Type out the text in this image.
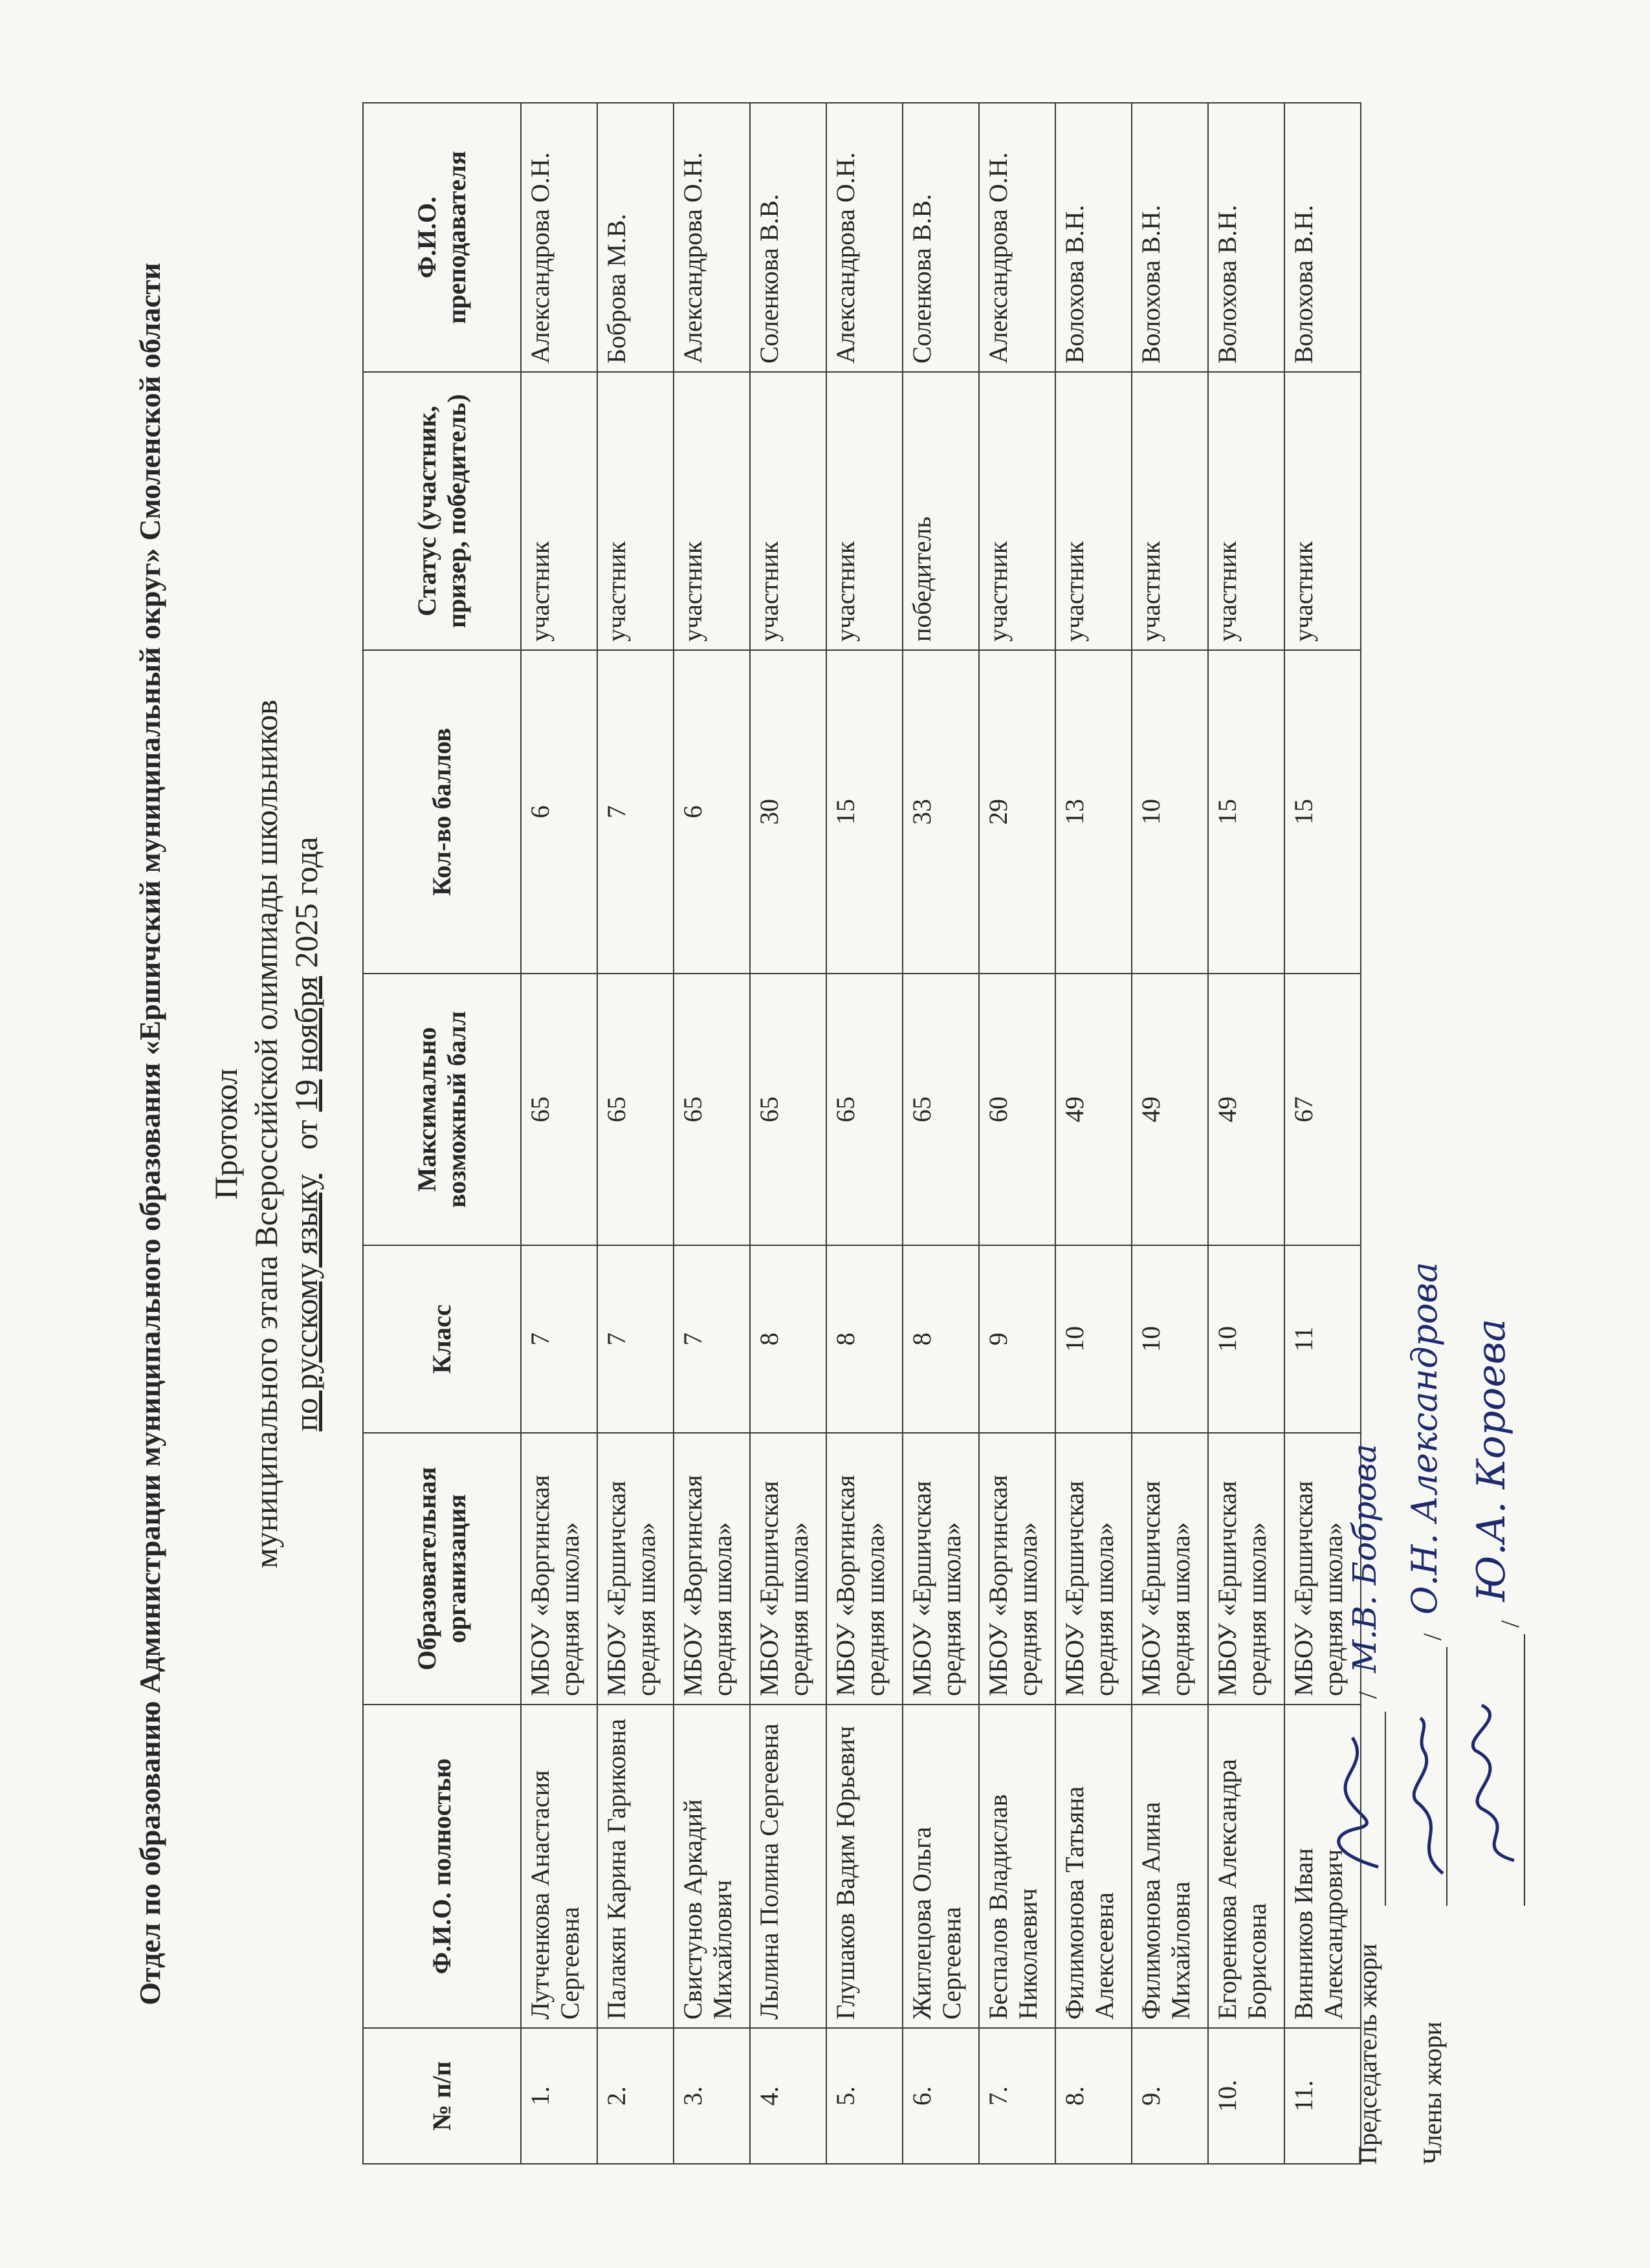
Отдел по образованию Администрации муниципального образования «Ершичский муниципальный округ» Смоленской области Протокол муниципального этапа Всероссийской олимпиады школьников по русскому языку   от 19 ноября 2025 года
№ п/п	Ф.И.О. полностью	Образовательная организация	Класс	Максимально возможный балл	Кол-во баллов	Статус (участник, призер, победитель)	Ф.И.О. преподавателя
1.	Лутченкова Анастасия Сергеевна	МБОУ «Воргинская средняя школа»	7	65	6	участник	Александрова О.Н.
2.	Палакян Карина Гариковна	МБОУ «Ершичская средняя школа»	7	65	7	участник	Боброва М.В.
3.	Свистунов Аркадий Михайлович	МБОУ «Воргинская средняя школа»	7	65	6	участник	Александрова О.Н.
4.	Лылина Полина Сергеевна	МБОУ «Ершичская средняя школа»	8	65	30	участник	Соленкова В.В.
5.	Глушаков Вадим Юрьевич	МБОУ «Воргинская средняя школа»	8	65	15	участник	Александрова О.Н.
6.	Жиглецова Ольга Сергеевна	МБОУ «Ершичская средняя школа»	8	65	33	победитель	Соленкова В.В.
7.	Беспалов Владислав Николаевич	МБОУ «Воргинская средняя школа»	9	60	29	участник	Александрова О.Н.
8.	Филимонова Татьяна Алексеевна	МБОУ «Ершичская средняя школа»	10	49	13	участник	Волохова В.Н.
9.	Филимонова Алина Михайловна	МБОУ «Ершичская средняя школа»	10	49	10	участник	Волохова В.Н.
10.	Егоренкова Александра Борисовна	МБОУ «Ершичская средняя школа»	10	49	15	участник	Волохова В.Н.
11.	Винников Иван Александрович	МБОУ «Ершичская средняя школа»	11	67	15	участник	Волохова В.Н.
Председатель жюри
/
М.В. Боброва
Члены жюри
/
О.Н. Александрова
/
Ю.А. Короева
